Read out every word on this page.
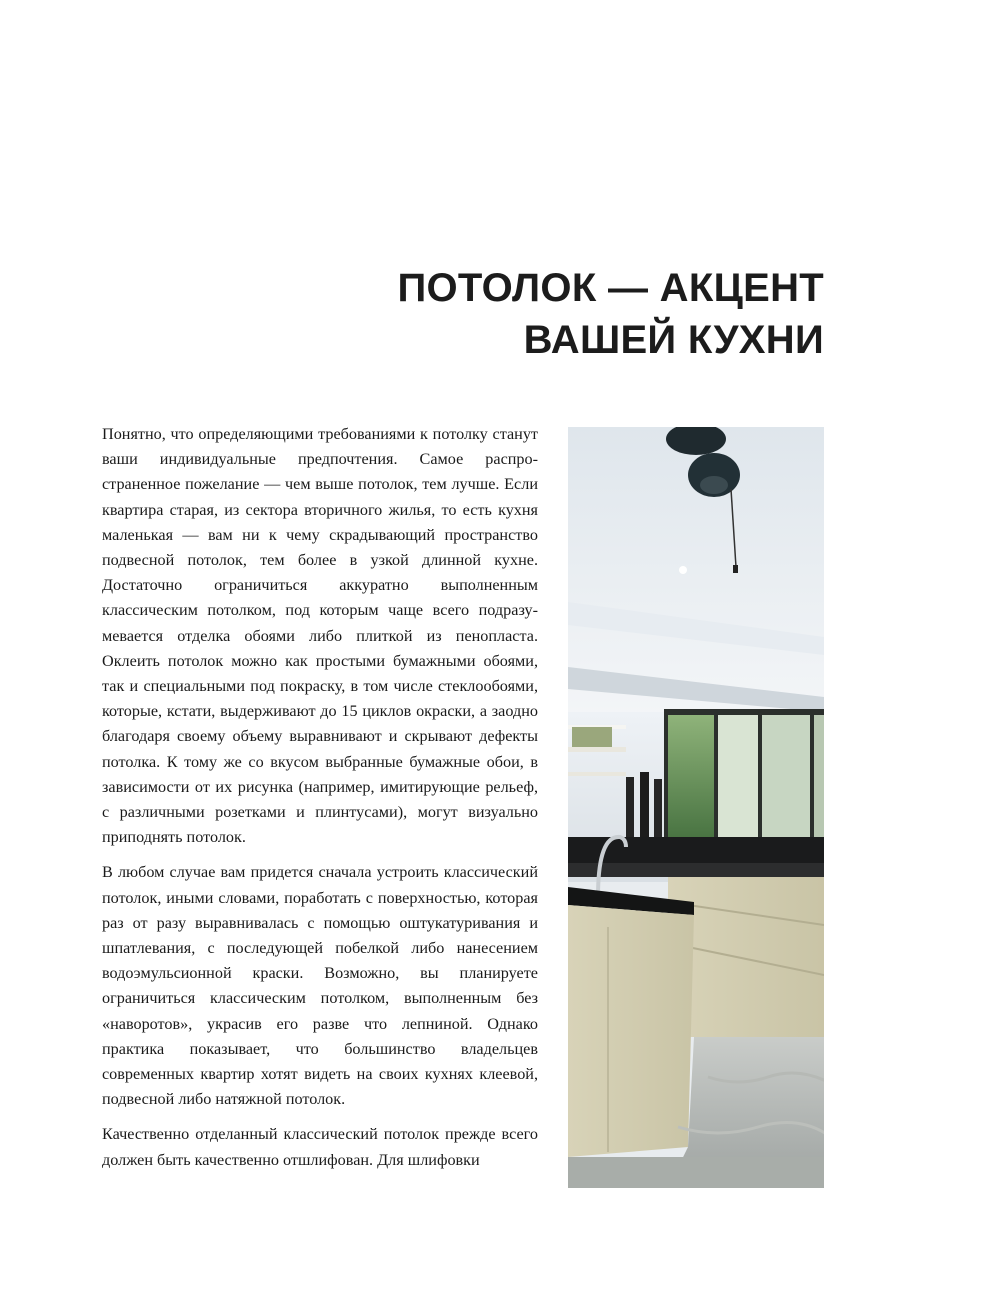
ПОТОЛОК — АКЦЕНТ
ВАШЕЙ КУХНИ

Понятно, что определяющими требованиями к потолку станут ваши индивидуальные предпочтения. Самое распространенное пожелание — чем выше потолок, тем лучше. Если квартира старая, из сектора вторичного жилья, то есть кухня маленькая — вам ни к чему скрадывающий пространство подвесной потолок, тем более в узкой длинной кухне. Достаточно ограничиться аккуратно выполненным классическим потолком, под которым чаще всего подразумевается отделка обоями либо плиткой из пенопласта. Оклеить потолок можно как простыми бумажными обоями, так и специальными под покраску, в том числе стеклообоями, которые, кстати, выдерживают до 15 циклов окраски, а заодно благодаря своему объему выравнивают и скрывают дефекты потолка. К тому же со вкусом выбранные бумажные обои, в зависимости от их рисунка (например, имитирующие рельеф, с различными розетками и плинтусами), могут визуально приподнять потолок.

В любом случае вам придется сначала устроить классический потолок, иными словами, поработать с поверхностью, которая раз от разу выравнивалась с помощью оштукатуривания и шпатлевания, с последующей побелкой либо нанесением водоэмульсионной краски. Возможно, вы планируете ограничиться классическим потолком, выполненным без «наворотов», украсив его разве что лепниной. Однако практика показывает, что большинство владельцев современных квартир хотят видеть на своих кухнях клеевой, подвесной либо натяжной потолок.

Качественно отделанный классический потолок прежде всего должен быть качественно отшлифован. Для шлифовки
